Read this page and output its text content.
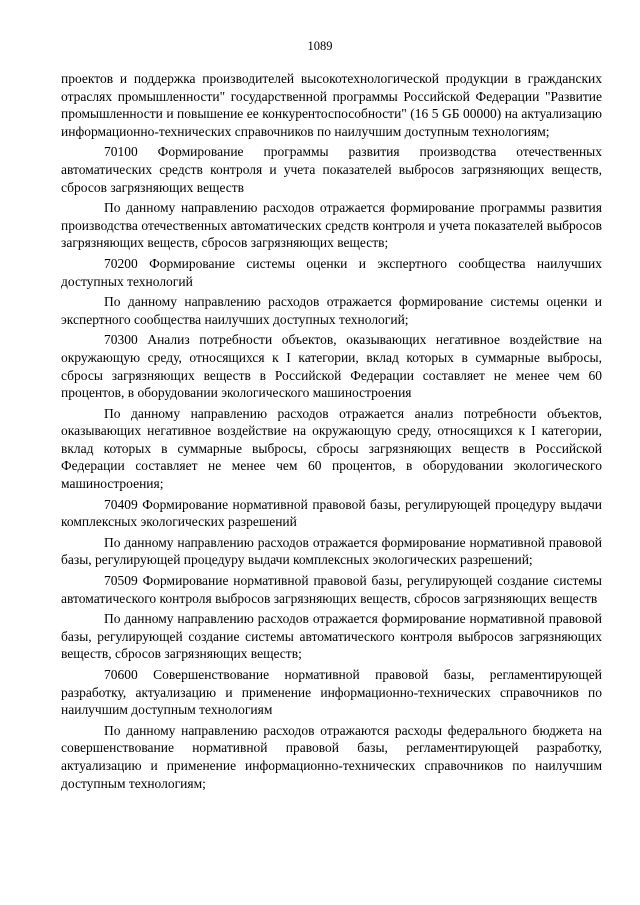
1089

проектов и поддержка производителей высокотехнологической продукции в гражданских отраслях промышленности" государственной программы Российской Федерации "Развитие промышленности и повышение ее конкурентоспособности" (16 5 GБ 00000) на актуализацию информационно-технических справочников по наилучшим доступным технологиям;

70100 Формирование программы развития производства отечественных автоматических средств контроля и учета показателей выбросов загрязняющих веществ, сбросов загрязняющих веществ

По данному направлению расходов отражается формирование программы развития производства отечественных автоматических средств контроля и учета показателей выбросов загрязняющих веществ, сбросов загрязняющих веществ;

70200 Формирование системы оценки и экспертного сообщества наилучших доступных технологий

По данному направлению расходов отражается формирование системы оценки и экспертного сообщества наилучших доступных технологий;

70300 Анализ потребности объектов, оказывающих негативное воздействие на окружающую среду, относящихся к I категории, вклад которых в суммарные выбросы, сбросы загрязняющих веществ в Российской Федерации составляет не менее чем 60 процентов, в оборудовании экологического машиностроения

По данному направлению расходов отражается анализ потребности объектов, оказывающих негативное воздействие на окружающую среду, относящихся к I категории, вклад которых в суммарные выбросы, сбросы загрязняющих веществ в Российской Федерации составляет не менее чем 60 процентов, в оборудовании экологического машиностроения;

70409 Формирование нормативной правовой базы, регулирующей процедуру выдачи комплексных экологических разрешений

По данному направлению расходов отражается формирование нормативной правовой базы, регулирующей процедуру выдачи комплексных экологических разрешений;

70509 Формирование нормативной правовой базы, регулирующей создание системы автоматического контроля выбросов загрязняющих веществ, сбросов загрязняющих веществ

По данному направлению расходов отражается формирование нормативной правовой базы, регулирующей создание системы автоматического контроля выбросов загрязняющих веществ, сбросов загрязняющих веществ;

70600 Совершенствование нормативной правовой базы, регламентирующей разработку, актуализацию и применение информационно-технических справочников по наилучшим доступным технологиям

По данному направлению расходов отражаются расходы федерального бюджета на совершенствование нормативной правовой базы, регламентирующей разработку, актуализацию и применение информационно-технических справочников по наилучшим доступным технологиям;
